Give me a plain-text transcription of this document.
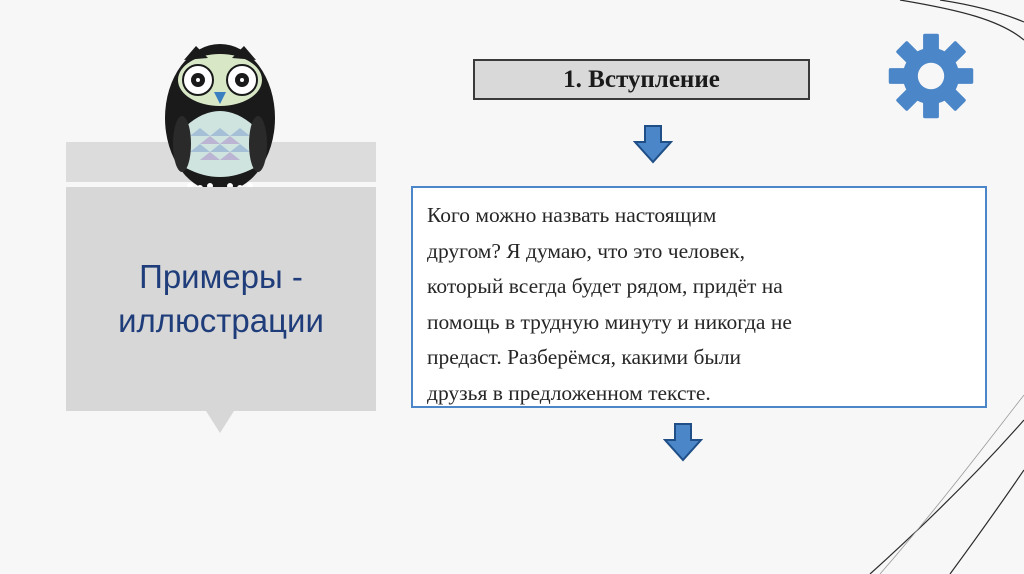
Примеры -
иллюстрации
1. Вступление
Кого можно назвать настоящим
другом? Я думаю, что это человек,
который всегда будет рядом, придёт на
помощь в трудную минуту и никогда не
предаст. Разберёмся, какими были
друзья в предложенном тексте.
